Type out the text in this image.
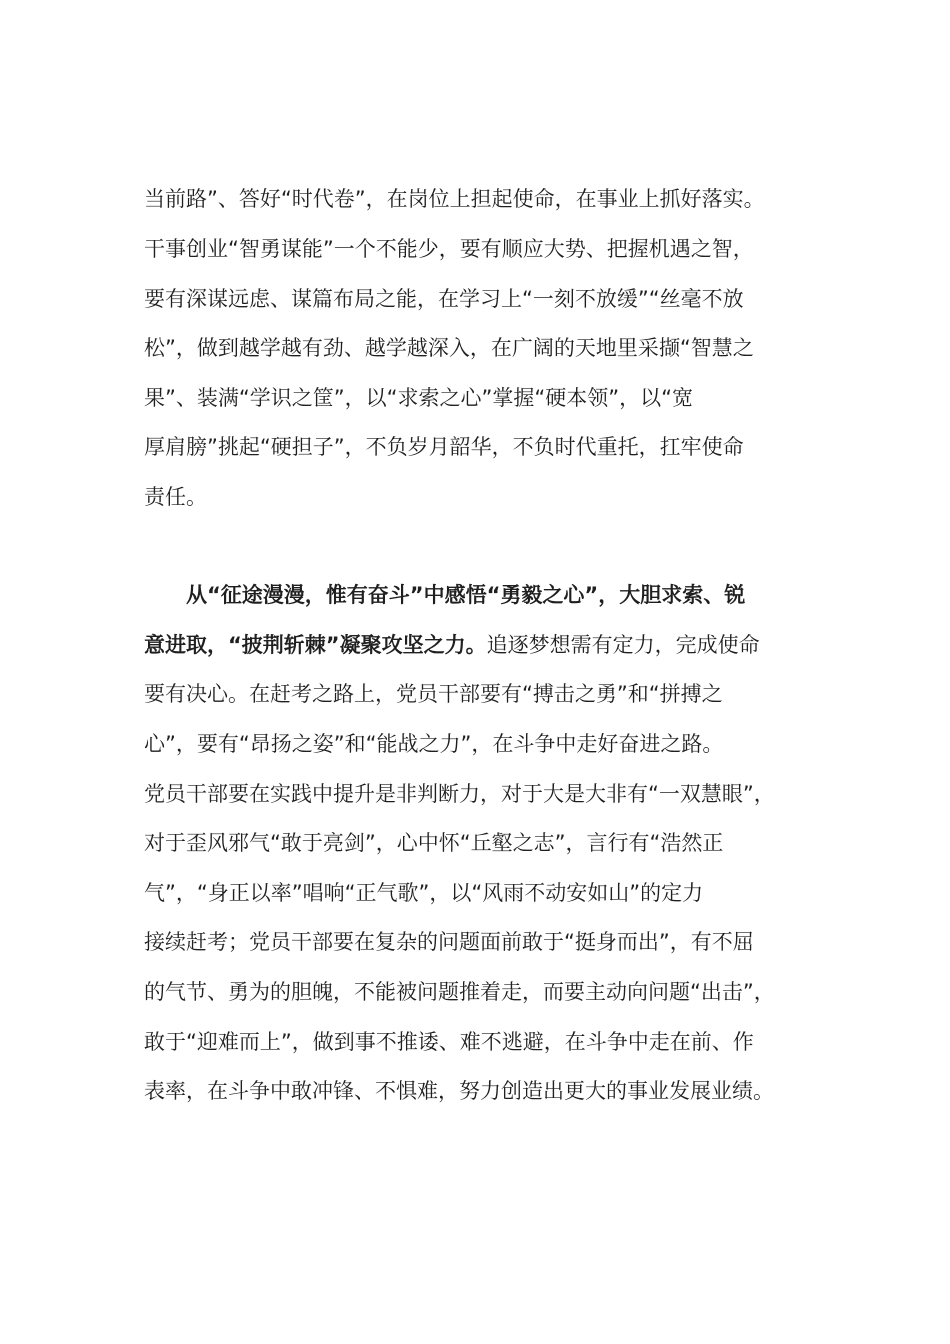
当前路”、答好“时代卷”，在岗位上担起使命，在事业上抓好落实。
干事创业“智勇谋能”一个不能少，要有顺应大势、把握机遇之智，
要有深谋远虑、谋篇布局之能，在学习上“一刻不放缓”“丝毫不放
松”，做到越学越有劲、越学越深入，在广阔的天地里采撷“智慧之
果”、装满“学识之筐”，以“求索之心”掌握“硬本领”，以“宽
厚肩膀”挑起“硬担子”，不负岁月韶华，不负时代重托，扛牢使命
责任。
从“征途漫漫，惟有奋斗”中感悟“勇毅之心”，大胆求索、锐
意进取，“披荆斩棘”凝聚攻坚之力。追逐梦想需有定力，完成使命
要有决心。在赶考之路上，党员干部要有“搏击之勇”和“拼搏之
心”，要有“昂扬之姿”和“能战之力”，在斗争中走好奋进之路。
党员干部要在实践中提升是非判断力，对于大是大非有“一双慧眼”，
对于歪风邪气“敢于亮剑”，心中怀“丘壑之志”，言行有“浩然正
气”，“身正以率”唱响“正气歌”，以“风雨不动安如山”的定力
接续赶考；党员干部要在复杂的问题面前敢于“挺身而出”，有不屈
的气节、勇为的胆魄，不能被问题推着走，而要主动向问题“出击”，
敢于“迎难而上”，做到事不推诿、难不逃避，在斗争中走在前、作
表率，在斗争中敢冲锋、不惧难，努力创造出更大的事业发展业绩。
